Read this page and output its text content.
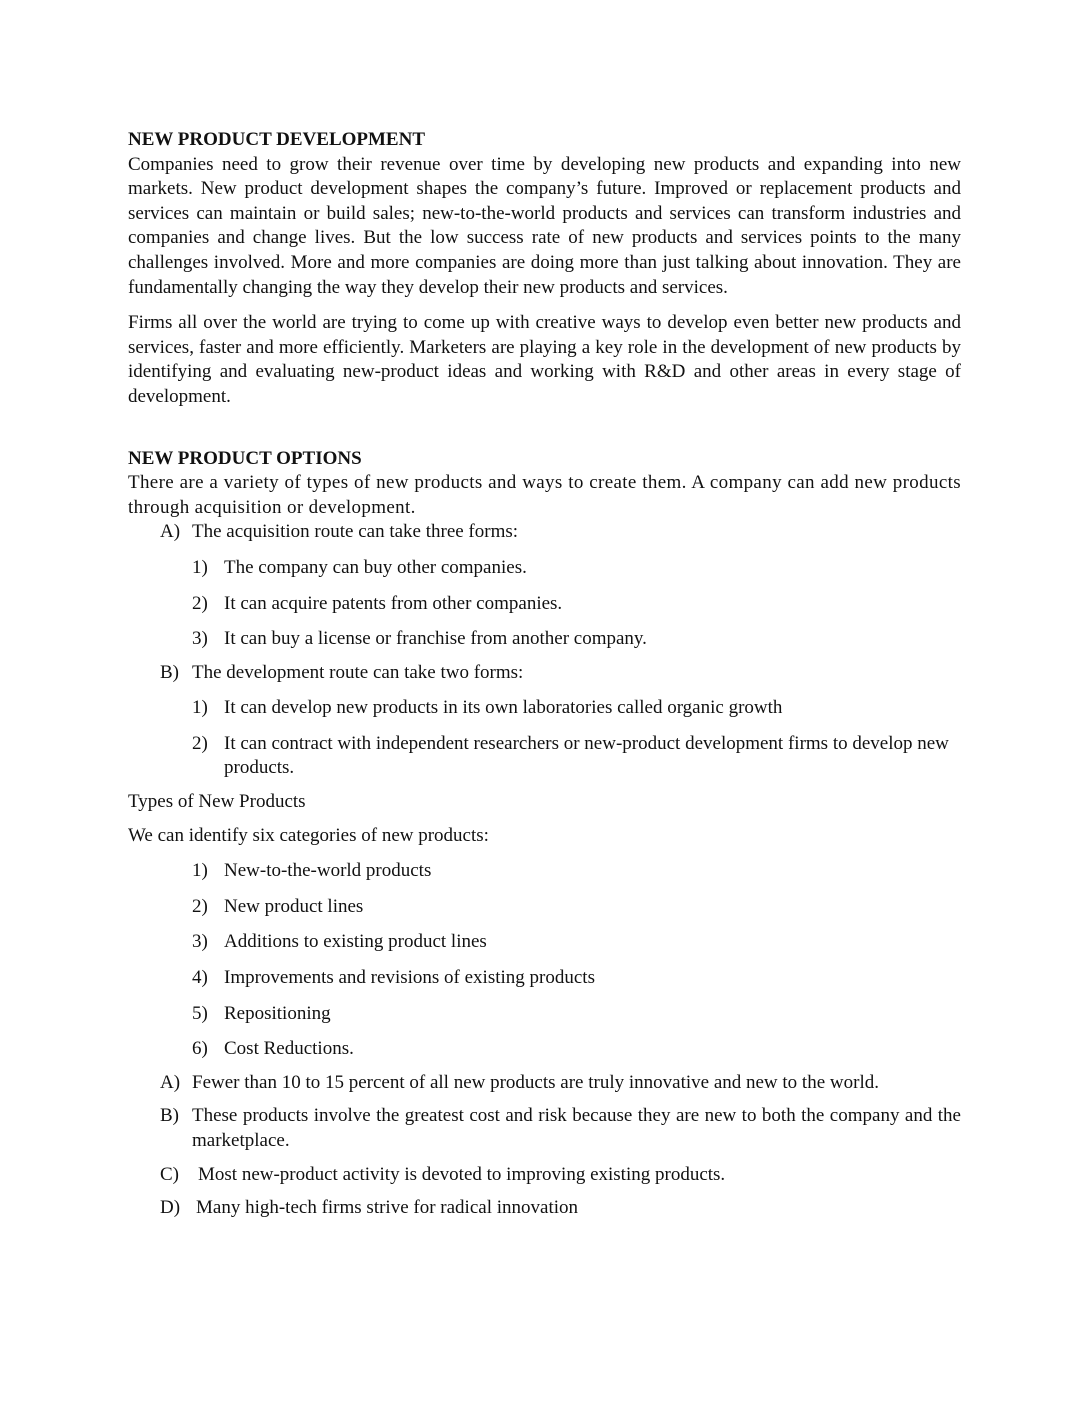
NEW PRODUCT DEVELOPMENT

Companies need to grow their revenue over time by developing new products and expanding into new markets. New product development shapes the company’s future. Improved or replacement products and services can maintain or build sales; new-to-the-world products and services can transform industries and companies and change lives. But the low success rate of new products and services points to the many challenges involved. More and more companies are doing more than just talking about innovation. They are fundamentally changing the way they develop their new products and services.

Firms all over the world are trying to come up with creative ways to develop even better new products and services, faster and more efficiently. Marketers are playing a key role in the development of new products by identifying and evaluating new-product ideas and working with R&D and other areas in every stage of development.

NEW PRODUCT OPTIONS

There are a variety of types of new products and ways to create them. A company can add new products through acquisition or development.

A) The acquisition route can take three forms:
1) The company can buy other companies.
2) It can acquire patents from other companies.
3) It can buy a license or franchise from another company.
B) The development route can take two forms:
1) It can develop new products in its own laboratories called organic growth
2) It can contract with independent researchers or new-product development firms to develop new products.

Types of New Products

We can identify six categories of new products:

1) New-to-the-world products
2) New product lines
3) Additions to existing product lines
4) Improvements and revisions of existing products
5) Repositioning
6) Cost Reductions.
A) Fewer than 10 to 15 percent of all new products are truly innovative and new to the world.
B) These products involve the greatest cost and risk because they are new to both the company and the marketplace.
C)	Most new-product activity is devoted to improving existing products.
D) Many high-tech firms strive for radical innovation
